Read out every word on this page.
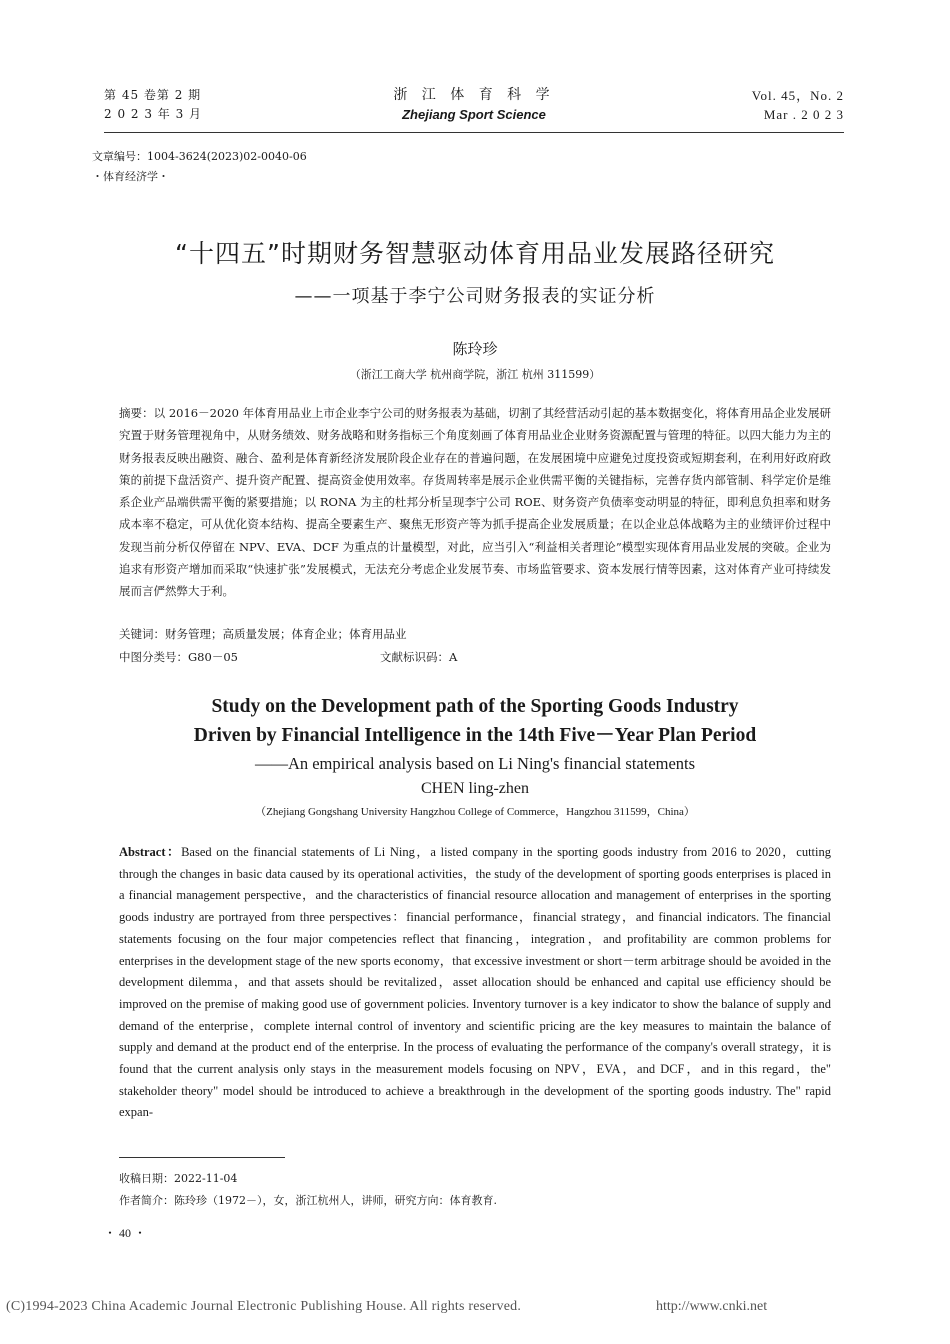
第 45 卷第 2 期
2 0 2 3 年 3 月
浙 江 体 育 科 学
Zhejiang Sport Science
Vol. 45，No. 2
Mar . 2 0 2 3
文章编号：1004-3624(2023)02-0040-06
・体育经济学・
“十四五”时期财务智慧驱动体育用品业发展路径研究
——一项基于李宁公司财务报表的实证分析
陈玲珍
（浙江工商大学 杭州商学院，浙江 杭州 311599）
摘要：以 2016－2020 年体育用品业上市企业李宁公司的财务报表为基础，切割了其经营活动引起的基本数据变化，将体育用品企业发展研究置于财务管理视角中，从财务绩效、财务战略和财务指标三个角度刻画了体育用品业企业财务资源配置与管理的特征。以四大能力为主的财务报表反映出融资、融合、盈利是体育新经济发展阶段企业存在的普遍问题，在发展困境中应避免过度投资或短期套利，在利用好政府政策的前提下盘活资产、提升资产配置、提高资金使用效率。存货周转率是展示企业供需平衡的关键指标，完善存货内部管制、科学定价是维系企业产品端供需平衡的紧要措施；以 RONA 为主的杜邦分析呈现李宁公司 ROE、财务资产负债率变动明显的特征，即利息负担率和财务成本率不稳定，可从优化资本结构、提高全要素生产、聚焦无形资产等为抓手提高企业发展质量；在以企业总体战略为主的业绩评价过程中发现当前分析仅停留在 NPV、EVA、DCF 为重点的计量模型，对此，应当引入“利益相关者理论”模型实现体育用品业发展的突破。企业为追求有形资产增加而采取“快速扩张”发展模式，无法充分考虑企业发展节奏、市场监管要求、资本发展行情等因素，这对体育产业可持续发展而言俨然弊大于利。
关键词：财务管理；高质量发展；体育企业；体育用品业
中图分类号：G80－05	文献标识码：A
Study on the Development path of the Sporting Goods Industry
Driven by Financial Intelligence in the 14th Five－Year Plan Period
——An empirical analysis based on Li Ning's financial statements
CHEN ling-zhen
（Zhejiang Gongshang University Hangzhou College of Commerce，Hangzhou 311599，China）
Abstract：Based on the financial statements of Li Ning，a listed company in the sporting goods industry from 2016 to 2020，cutting through the changes in basic data caused by its operational activities，the study of the development of sporting goods enterprises is placed in a financial management perspective，and the characteristics of financial resource allocation and management of enterprises in the sporting goods industry are portrayed from three perspectives：financial performance，financial strategy，and financial indicators. The financial statements focusing on the four major competencies reflect that financing，integration，and profitability are common problems for enterprises in the development stage of the new sports economy，that excessive investment or short－term arbitrage should be avoided in the development dilemma，and that assets should be revitalized，asset allocation should be enhanced and capital use efficiency should be improved on the premise of making good use of government policies. Inventory turnover is a key indicator to show the balance of supply and demand of the enterprise，complete internal control of inventory and scientific pricing are the key measures to maintain the balance of supply and demand at the product end of the enterprise. In the process of evaluating the performance of the company's overall strategy，it is found that the current analysis only stays in the measurement models focusing on NPV，EVA，and DCF，and in this regard，the" stakeholder theory" model should be introduced to achieve a breakthrough in the development of the sporting goods industry. The" rapid expan-
收稿日期：2022-11-04
作者简介：陈玲珍（1972－），女，浙江杭州人，讲师，研究方向：体育教育.
・ 40 ・
(C)1994-2023 China Academic Journal Electronic Publishing House. All rights reserved.	http://www.cnki.net
